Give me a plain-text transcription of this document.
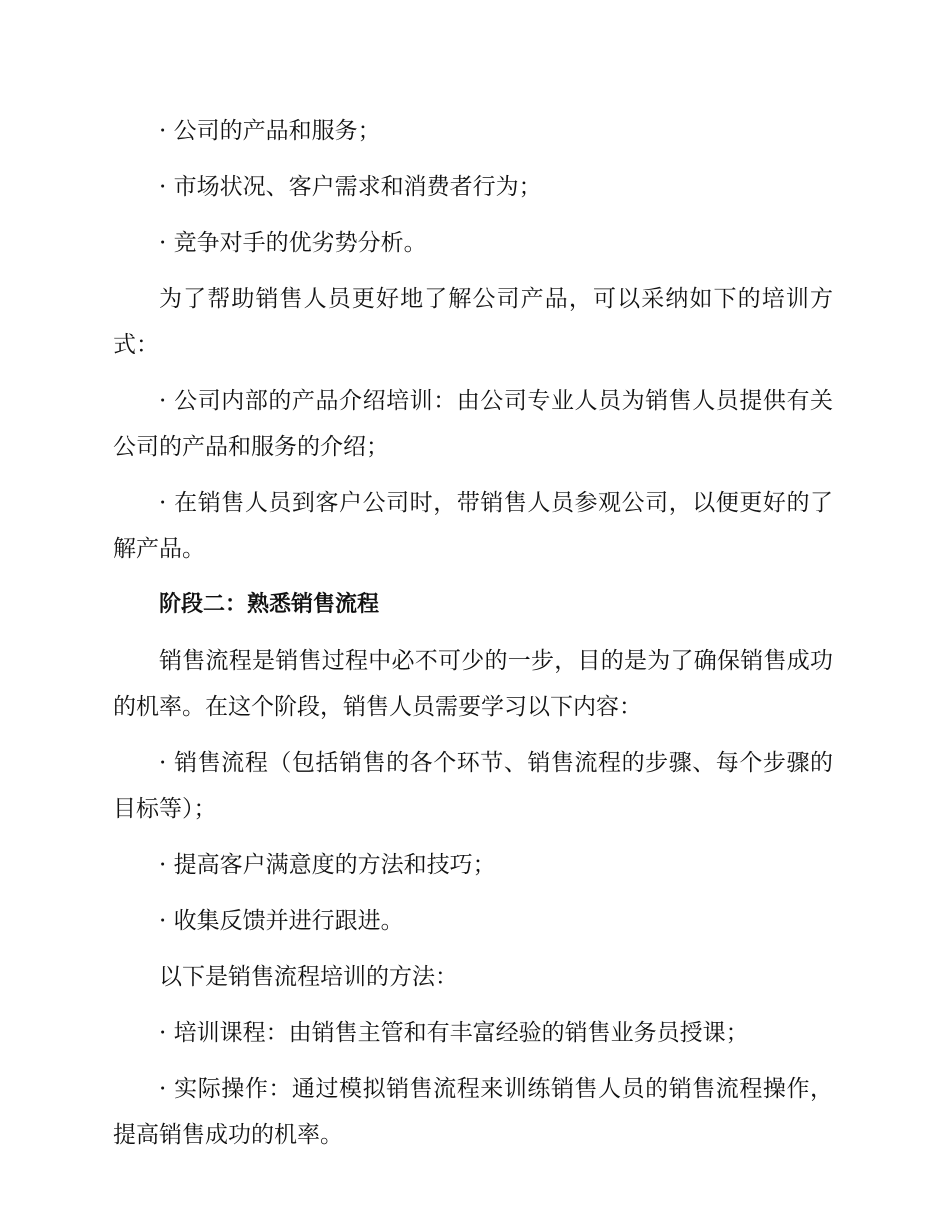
· 公司的产品和服务；

· 市场状况、客户需求和消费者行为；

· 竞争对手的优劣势分析。

为了帮助销售人员更好地了解公司产品，可以采纳如下的培训方式：

· 公司内部的产品介绍培训：由公司专业人员为销售人员提供有关公司的产品和服务的介绍；

· 在销售人员到客户公司时，带销售人员参观公司，以便更好的了解产品。

阶段二：熟悉销售流程

销售流程是销售过程中必不可少的一步，目的是为了确保销售成功的机率。在这个阶段，销售人员需要学习以下内容：

· 销售流程（包括销售的各个环节、销售流程的步骤、每个步骤的目标等）；

· 提高客户满意度的方法和技巧；

· 收集反馈并进行跟进。

以下是销售流程培训的方法：

· 培训课程：由销售主管和有丰富经验的销售业务员授课；

· 实际操作：通过模拟销售流程来训练销售人员的销售流程操作，提高销售成功的机率。
